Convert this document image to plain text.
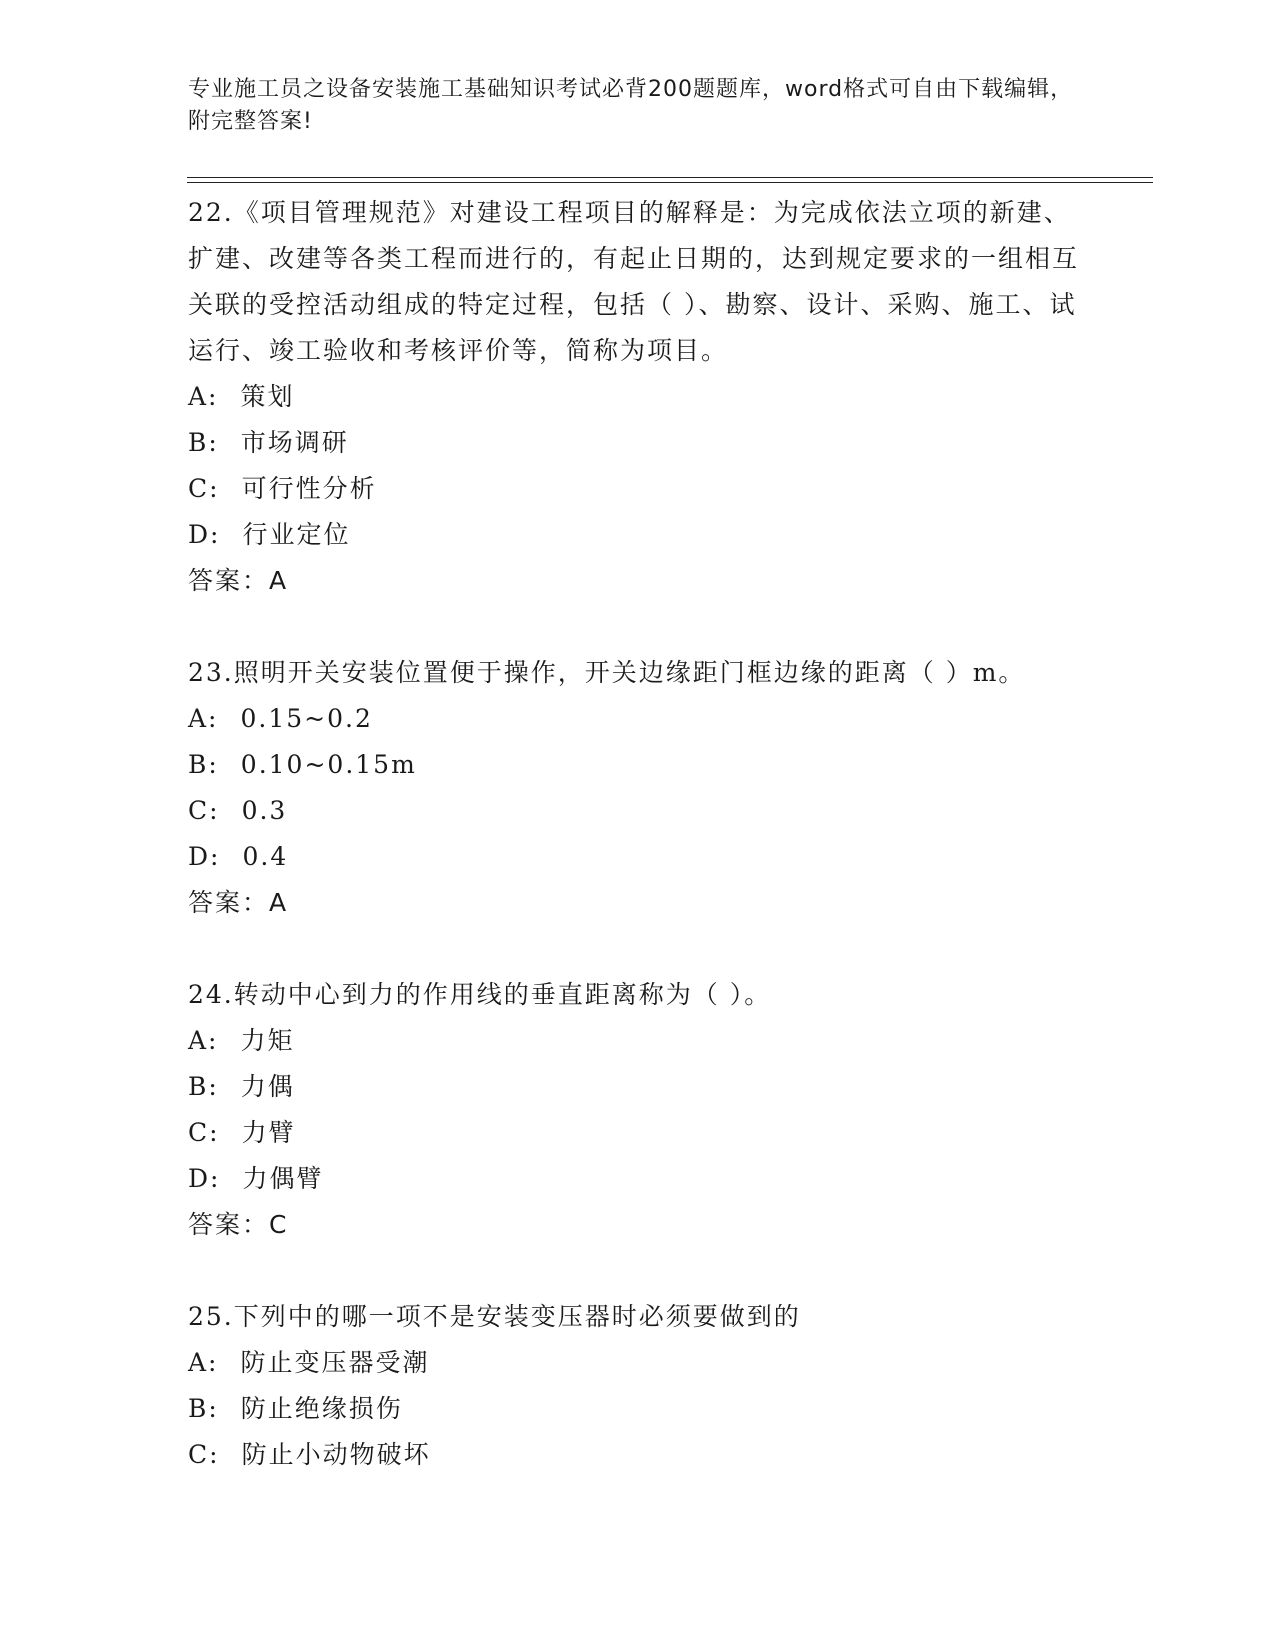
专业施工员之设备安装施工基础知识考试必背200题题库，word格式可自由下载编辑，附完整答案!

22.《项目管理规范》对建设工程项目的解释是：为完成依法立项的新建、扩建、改建等各类工程而进行的，有起止日期的，达到规定要求的一组相互关联的受控活动组成的特定过程，包括（ ）、勘察、设计、采购、施工、试运行、竣工验收和考核评价等，简称为项目。

A: 策划

B: 市场调研

C: 可行性分析

D: 行业定位

答案：A

23.照明开关安装位置便于操作，开关边缘距门框边缘的距离（ ）m。

A: 0.15~0.2

B: 0.10~0.15m

C: 0.3

D: 0.4

答案：A

24.转动中心到力的作用线的垂直距离称为（ ）。

A: 力矩

B: 力偶

C: 力臂

D: 力偶臂

答案：C

25.下列中的哪一项不是安装变压器时必须要做到的

A: 防止变压器受潮

B: 防止绝缘损伤

C: 防止小动物破坏
